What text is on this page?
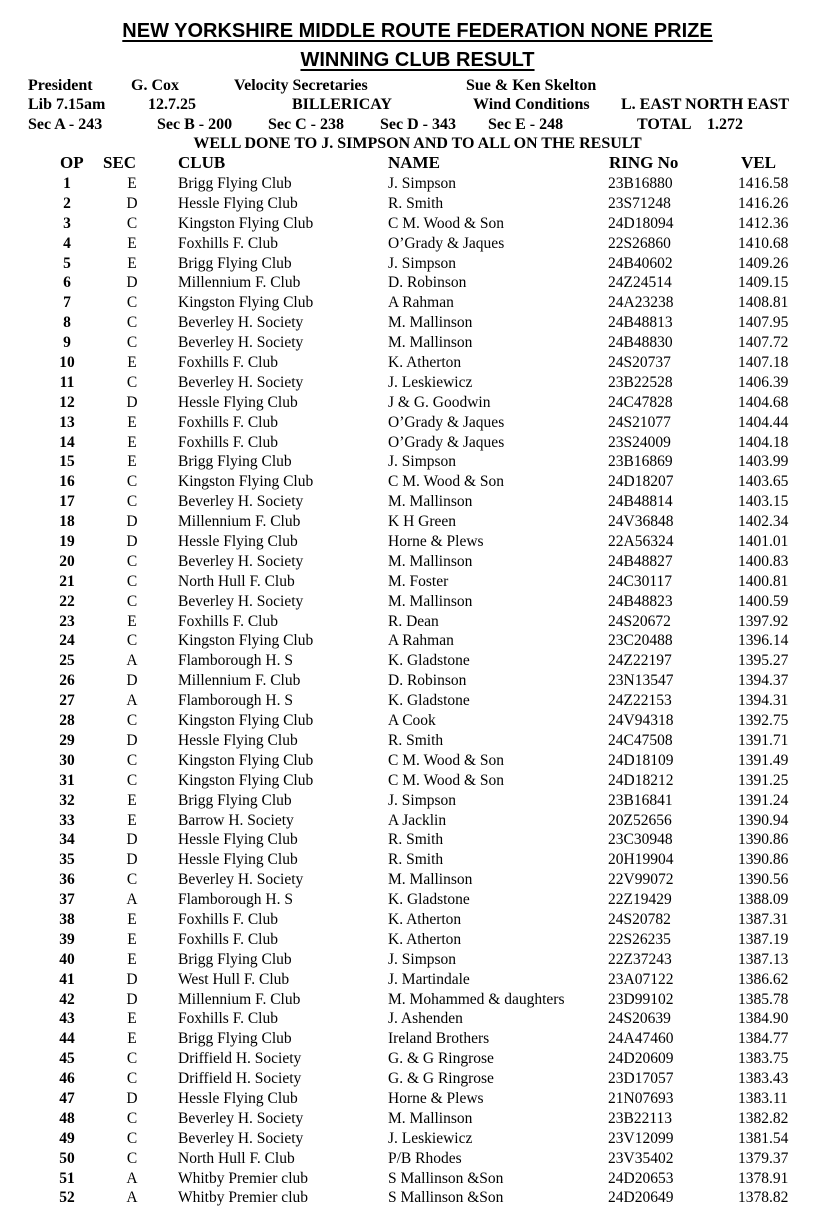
NEW YORKSHIRE MIDDLE ROUTE FEDERATION NONE PRIZE
WINNING CLUB RESULT
President G. Cox	Velocity Secretaries	Sue & Ken Skelton
Lib 7.15am	12.7.25	BILLERICAY	Wind Conditions L. EAST NORTH EAST
Sec A - 243	Sec B - 200 Sec C - 238 Sec D - 343 Sec E - 248	TOTAL 1.272
WELL DONE TO J. SIMPSON AND TO ALL ON THE RESULT
OP SEC CLUB	NAME	RING No	VEL
1	E	Brigg Flying Club	J. Simpson	23B16880	1416.58
2	D	Hessle Flying Club	R. Smith	23S71248	1416.26
3	C	Kingston Flying Club	C M. Wood & Son	24D18094	1412.36
4	E	Foxhills F. Club	O’Grady & Jaques	22S26860	1410.68
5	E	Brigg Flying Club	J. Simpson	24B40602	1409.26
6	D	Millennium F. Club	D. Robinson	24Z24514	1409.15
7	C	Kingston Flying Club	A Rahman	24A23238	1408.81
8	C	Beverley H. Society	M. Mallinson	24B48813	1407.95
9	C	Beverley H. Society	M. Mallinson	24B48830	1407.72
10	E	Foxhills F. Club	K. Atherton	24S20737	1407.18
11	C	Beverley H. Society	J. Leskiewicz	23B22528	1406.39
12	D	Hessle Flying Club	J & G. Goodwin	24C47828	1404.68
13	E	Foxhills F. Club	O’Grady & Jaques	24S21077	1404.44
14	E	Foxhills F. Club	O’Grady & Jaques	23S24009	1404.18
15	E	Brigg Flying Club	J. Simpson	23B16869	1403.99
16	C	Kingston Flying Club	C M. Wood & Son	24D18207	1403.65
17	C	Beverley H. Society	M. Mallinson	24B48814	1403.15
18	D	Millennium F. Club	K H Green	24V36848	1402.34
19	D	Hessle Flying Club	Horne & Plews	22A56324	1401.01
20	C	Beverley H. Society	M. Mallinson	24B48827	1400.83
21	C	North Hull F. Club	M. Foster	24C30117	1400.81
22	C	Beverley H. Society	M. Mallinson	24B48823	1400.59
23	E	Foxhills F. Club	R. Dean	24S20672	1397.92
24	C	Kingston Flying Club	A Rahman	23C20488	1396.14
25	A	Flamborough H. S	K. Gladstone	24Z22197	1395.27
26	D	Millennium F. Club	D. Robinson	23N13547	1394.37
27	A	Flamborough H. S	K. Gladstone	24Z22153	1394.31
28	C	Kingston Flying Club	A Cook	24V94318	1392.75
29	D	Hessle Flying Club	R. Smith	24C47508	1391.71
30	C	Kingston Flying Club	C M. Wood & Son	24D18109	1391.49
31	C	Kingston Flying Club	C M. Wood & Son	24D18212	1391.25
32	E	Brigg Flying Club	J. Simpson	23B16841	1391.24
33	E	Barrow H. Society	A Jacklin	20Z52656	1390.94
34	D	Hessle Flying Club	R. Smith	23C30948	1390.86
35	D	Hessle Flying Club	R. Smith	20H19904	1390.86
36	C	Beverley H. Society	M. Mallinson	22V99072	1390.56
37	A	Flamborough H. S	K. Gladstone	22Z19429	1388.09
38	E	Foxhills F. Club	K. Atherton	24S20782	1387.31
39	E	Foxhills F. Club	K. Atherton	22S26235	1387.19
40	E	Brigg Flying Club	J. Simpson	22Z37243	1387.13
41	D	West Hull F. Club	J. Martindale	23A07122	1386.62
42	D	Millennium F. Club	M. Mohammed & daughters	23D99102	1385.78
43	E	Foxhills F. Club	J. Ashenden	24S20639	1384.90
44	E	Brigg Flying Club	Ireland Brothers	24A47460	1384.77
45	C	Driffield H. Society	G. & G Ringrose	24D20609	1383.75
46	C	Driffield H. Society	G. & G Ringrose	23D17057	1383.43
47	D	Hessle Flying Club	Horne & Plews	21N07693	1383.11
48	C	Beverley H. Society	M. Mallinson	23B22113	1382.82
49	C	Beverley H. Society	J. Leskiewicz	23V12099	1381.54
50	C	North Hull F. Club	P/B Rhodes	23V35402	1379.37
51	A	Whitby Premier club	S Mallinson &Son	24D20653	1378.91
52	A	Whitby Premier club	S Mallinson &Son	24D20649	1378.82
